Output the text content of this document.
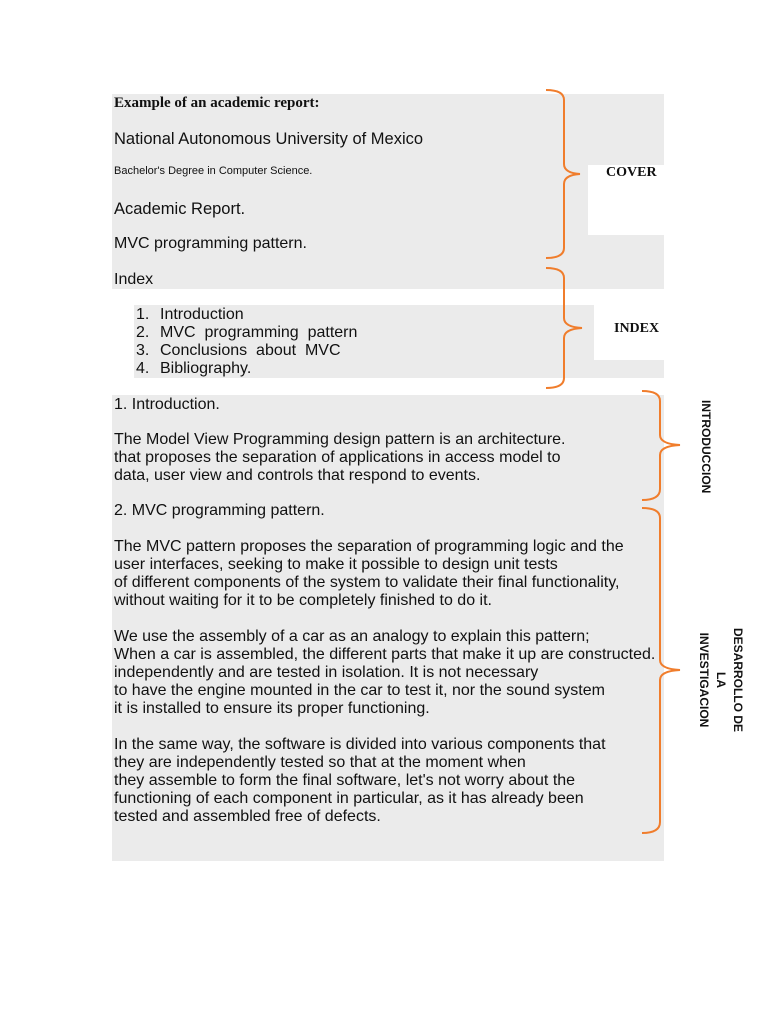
Example of an academic report:
National Autonomous University of Mexico
Bachelor's Degree in Computer Science.
Academic Report.
MVC programming pattern.
Index
1. Introduction
2. MVC  programming  pattern
3. Conclusions  about  MVC
4. Bibliography.
1. Introduction.
The Model View Programming design pattern is an architecture.
that proposes the separation of applications in access model to
data, user view and controls that respond to events.
2. MVC programming pattern.
The MVC pattern proposes the separation of programming logic and the
user interfaces, seeking to make it possible to design unit tests
of different components of the system to validate their final functionality,
without waiting for it to be completely finished to do it.
We use the assembly of a car as an analogy to explain this pattern;
When a car is assembled, the different parts that make it up are constructed.
independently and are tested in isolation. It is not necessary
to have the engine mounted in the car to test it, nor the sound system
it is installed to ensure its proper functioning.
In the same way, the software is divided into various components that
they are independently tested so that at the moment when
they assemble to form the final software, let's not worry about the
functioning of each component in particular, as it has already been
tested and assembled free of defects.
COVER
INDEX
INTRODUCCION
DESARROLLO DE
LA
INVESTIGACION
